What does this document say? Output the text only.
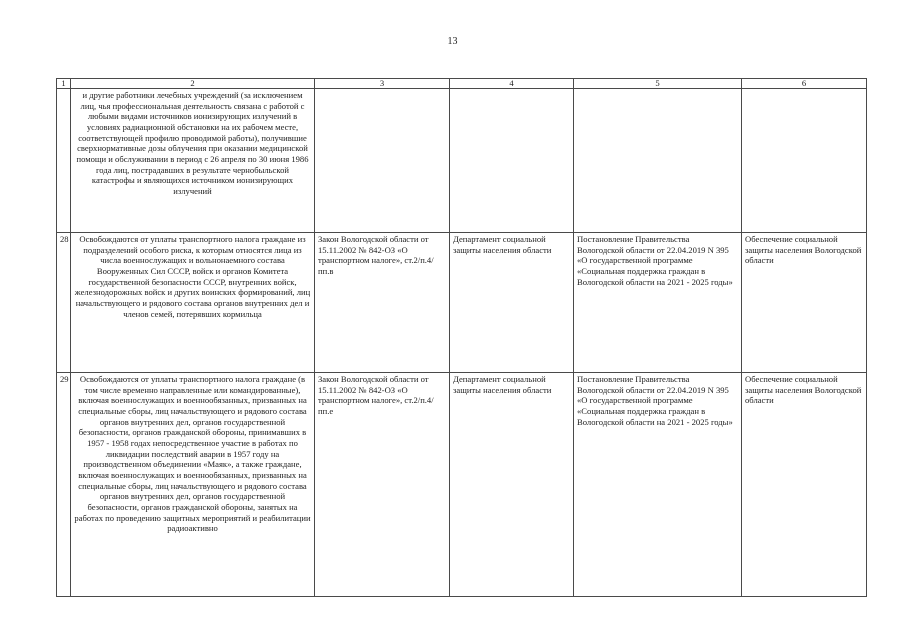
13
1	2	3	4	5	6
	и другие работники лечебных учреждений (за исключением лиц, чья профессиональная деятельность связана с работой с любыми видами источников ионизирующих излучений в условиях радиационной обстановки на их рабочем месте, соответствующей профилю проводимой работы), получившие сверхнормативные дозы облучения при оказании медицинской помощи и обслуживании в период с 26 апреля по 30 июня 1986 года лиц, пострадавших в результате чернобыльской катастрофы и являющихся источником ионизирующих излучений				
28	Освобождаются от уплаты транспортного налога граждане из подразделений особого риска, к которым относятся лица из числа военнослужащих и вольнонаемного состава Вооруженных Сил СССР, войск и органов Комитета государственной безопасности СССР, внутренних войск, железнодорожных войск и других воинских формирований, лиц начальствующего и рядового состава органов внутренних дел и членов семей, потерявших кормильца	Закон Вологодской области от 15.11.2002 № 842-ОЗ «О транспортном налоге», ст.2/п.4/пп.в	Департамент социальной защиты населения области	Постановление Правительства Вологодской области от 22.04.2019 N 395 «О государственной программе «Социальная поддержка граждан в Вологодской области на 2021 - 2025 годы»	Обеспечение социальной защиты населения Вологодской области
29	Освобождаются от уплаты транспортного налога граждане (в том числе временно направленные или командированные), включая военнослужащих и военнообязанных, призванных на специальные сборы, лиц начальствующего и рядового состава органов внутренних дел, органов государственной безопасности, органов гражданской обороны, принимавших в 1957 - 1958 годах непосредственное участие в работах по ликвидации последствий аварии в 1957 году на производственном объединении «Маяк», а также граждане, включая военнослужащих и военнообязанных, призванных на специальные сборы, лиц начальствующего и рядового состава органов внутренних дел, органов государственной безопасности, органов гражданской обороны, занятых на работах по проведению защитных мероприятий и реабилитации радиоактивно	Закон Вологодской области от 15.11.2002 № 842-ОЗ «О транспортном налоге», ст.2/п.4/пп.е	Департамент социальной защиты населения области	Постановление Правительства Вологодской области от 22.04.2019 N 395 «О государственной программе «Социальная поддержка граждан в Вологодской области на 2021 - 2025 годы»	Обеспечение социальной защиты населения Вологодской области
